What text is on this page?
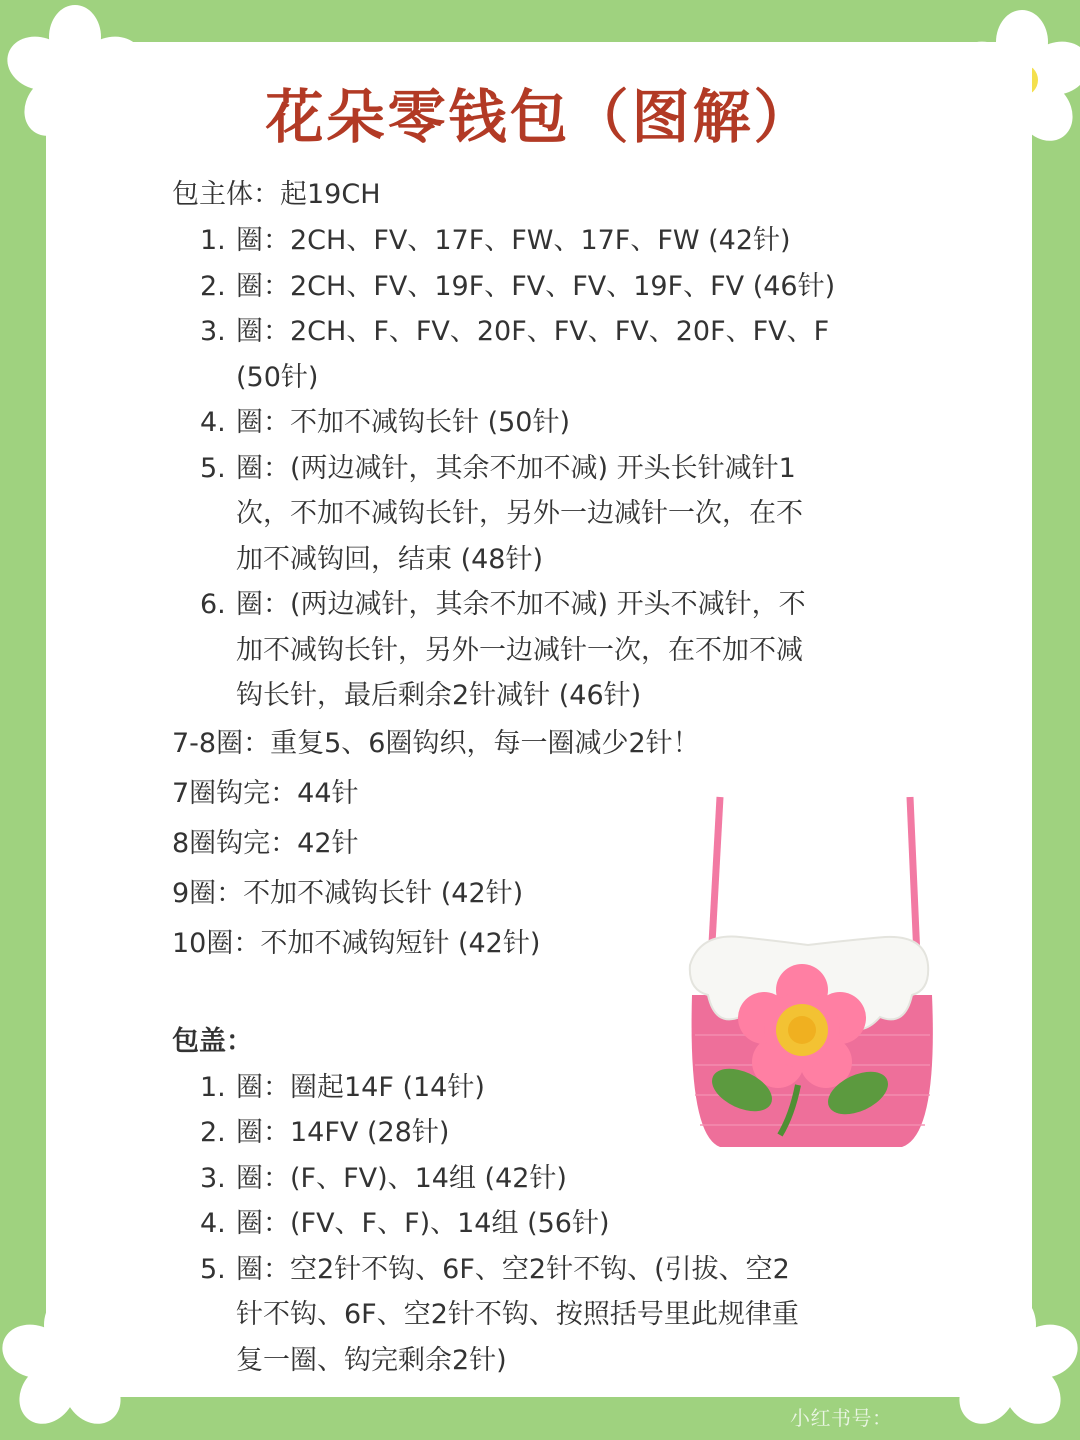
花朵零钱包（图解）
包主体：起19CH
1. 圈：2CH、FV、17F、FW、17F、FW (42针)
2. 圈：2CH、FV、19F、FV、FV、19F、FV (46针)
3. 圈：2CH、F、FV、20F、FV、FV、20F、FV、F
(50针)
4. 圈：不加不减钩长针 (50针)
5. 圈：(两边减针，其余不加不减) 开头长针减针1
次，不加不减钩长针，另外一边减针一次，在不
加不减钩回，结束 (48针)
6. 圈：(两边减针，其余不加不减) 开头不减针，不
加不减钩长针，另外一边减针一次，在不加不减
钩长针，最后剩余2针减针 (46针)
7-8圈：重复5、6圈钩织，每一圈减少2针！
7圈钩完：44针
8圈钩完：42针
9圈：不加不减钩长针 (42针)
10圈：不加不减钩短针 (42针)
包盖：
1. 圈：圈起14F (14针)
2. 圈：14FV (28针)
3. 圈：(F、FV)、14组 (42针)
4. 圈：(FV、F、F)、14组 (56针)
5. 圈：空2针不钩、6F、空2针不钩、(引拔、空2
针不钩、6F、空2针不钩、按照括号里此规律重
复一圈、钩完剩余2针)
小红书号：
